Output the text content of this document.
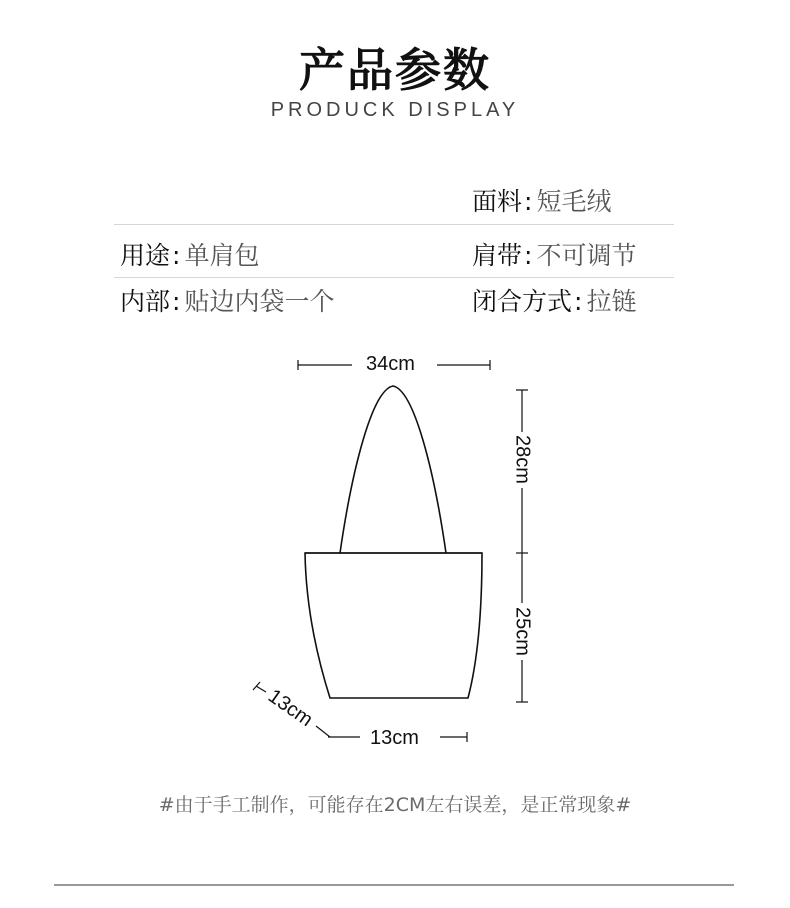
产品参数
PRODUCK DISPLAY
面料: 短毛绒
用途: 单肩包	肩带: 不可调节
内部: 贴边内袋一个	闭合方式: 拉链
34cm
28cm
25cm
13cm
13cm
#由于手工制作，可能存在2CM左右误差，是正常现象#
